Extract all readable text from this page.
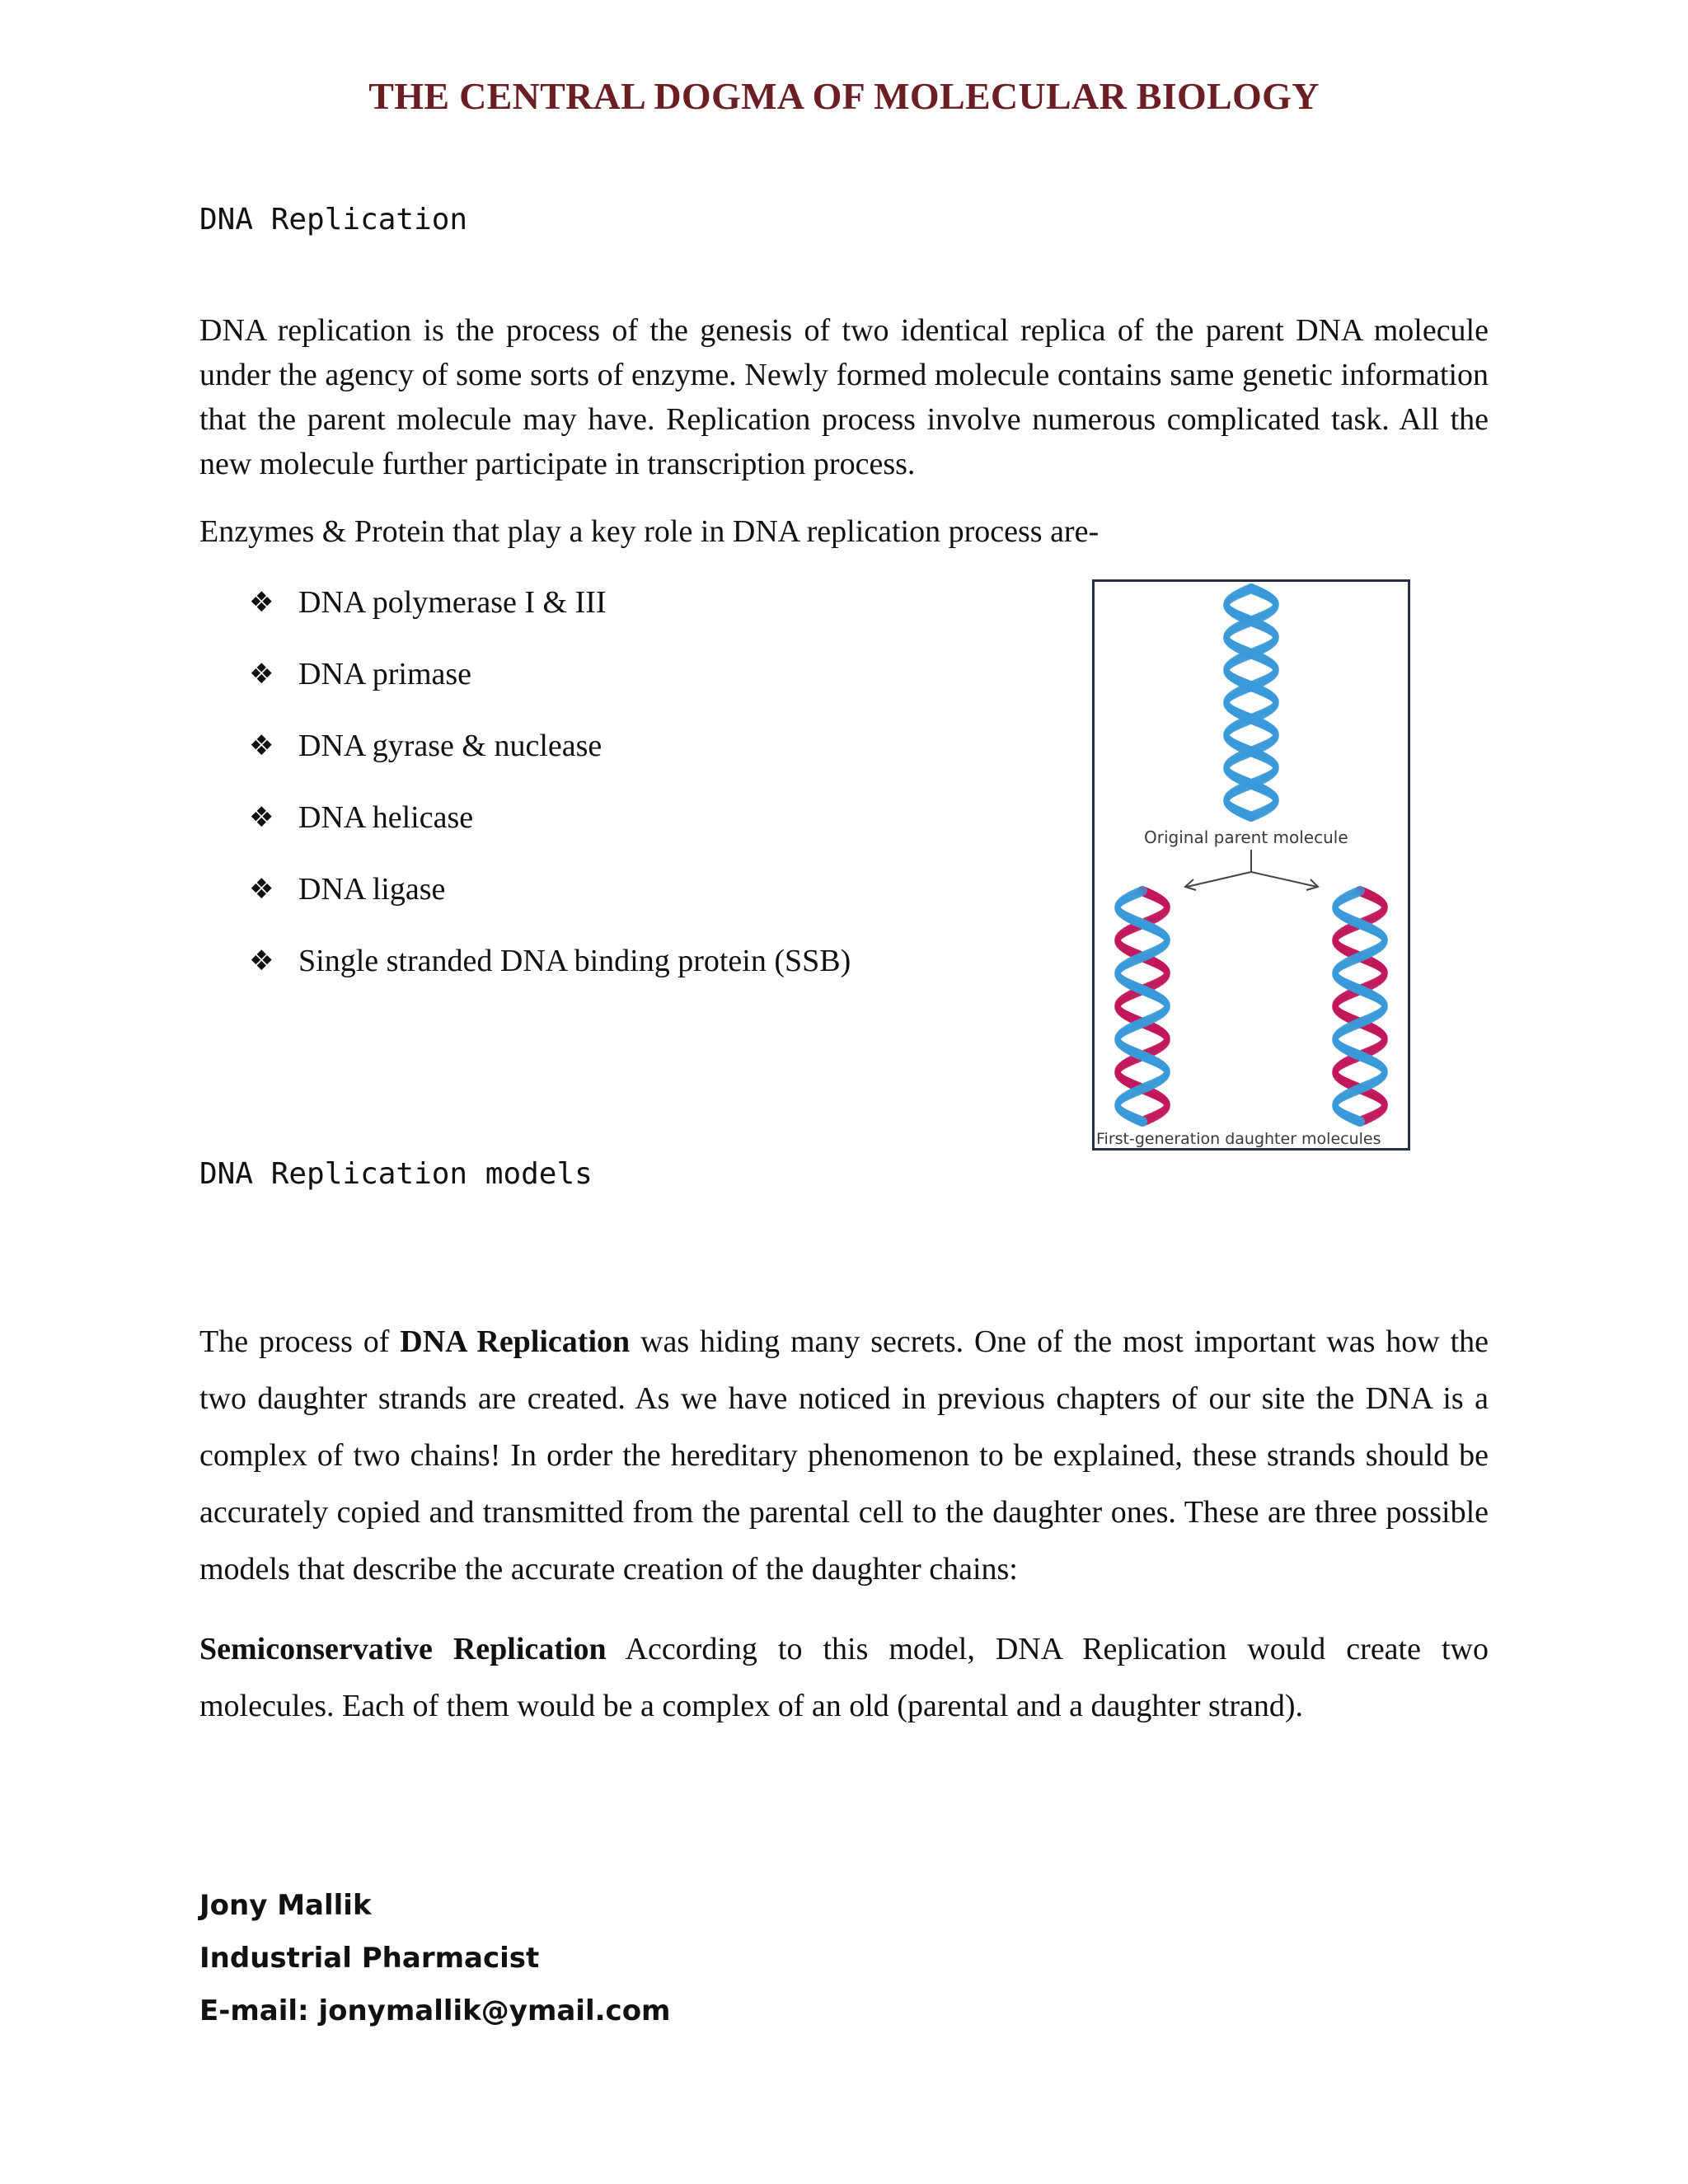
THE CENTRAL DOGMA OF MOLECULAR BIOLOGY
DNA Replication

DNA replication is the process of the genesis of two identical replica of the parent DNA molecule under the agency of some sorts of enzyme. Newly formed molecule contains same genetic information that the parent molecule may have. Replication process involve numerous complicated task. All the new molecule further participate in transcription process.

Enzymes & Protein that play a key role in DNA replication process are-
❖ DNA polymerase I & III
❖ DNA primase
❖ DNA gyrase & nuclease
❖ DNA helicase
❖ DNA ligase
❖ Single stranded DNA binding protein (SSB)
Original parent molecule
First-generation daughter molecules
DNA Replication models

The process of DNA Replication was hiding many secrets. One of the most important was how the two daughter strands are created. As we have noticed in previous chapters of our site the DNA is a complex of two chains! In order the hereditary phenomenon to be explained, these strands should be accurately copied and transmitted from the parental cell to the daughter ones. These are three possible models that describe the accurate creation of the daughter chains:

Semiconservative Replication According to this model, DNA Replication would create two molecules. Each of them would be a complex of an old (parental and a daughter strand).

Jony Mallik
Industrial Pharmacist
E-mail: jonymallik@ymail.com
